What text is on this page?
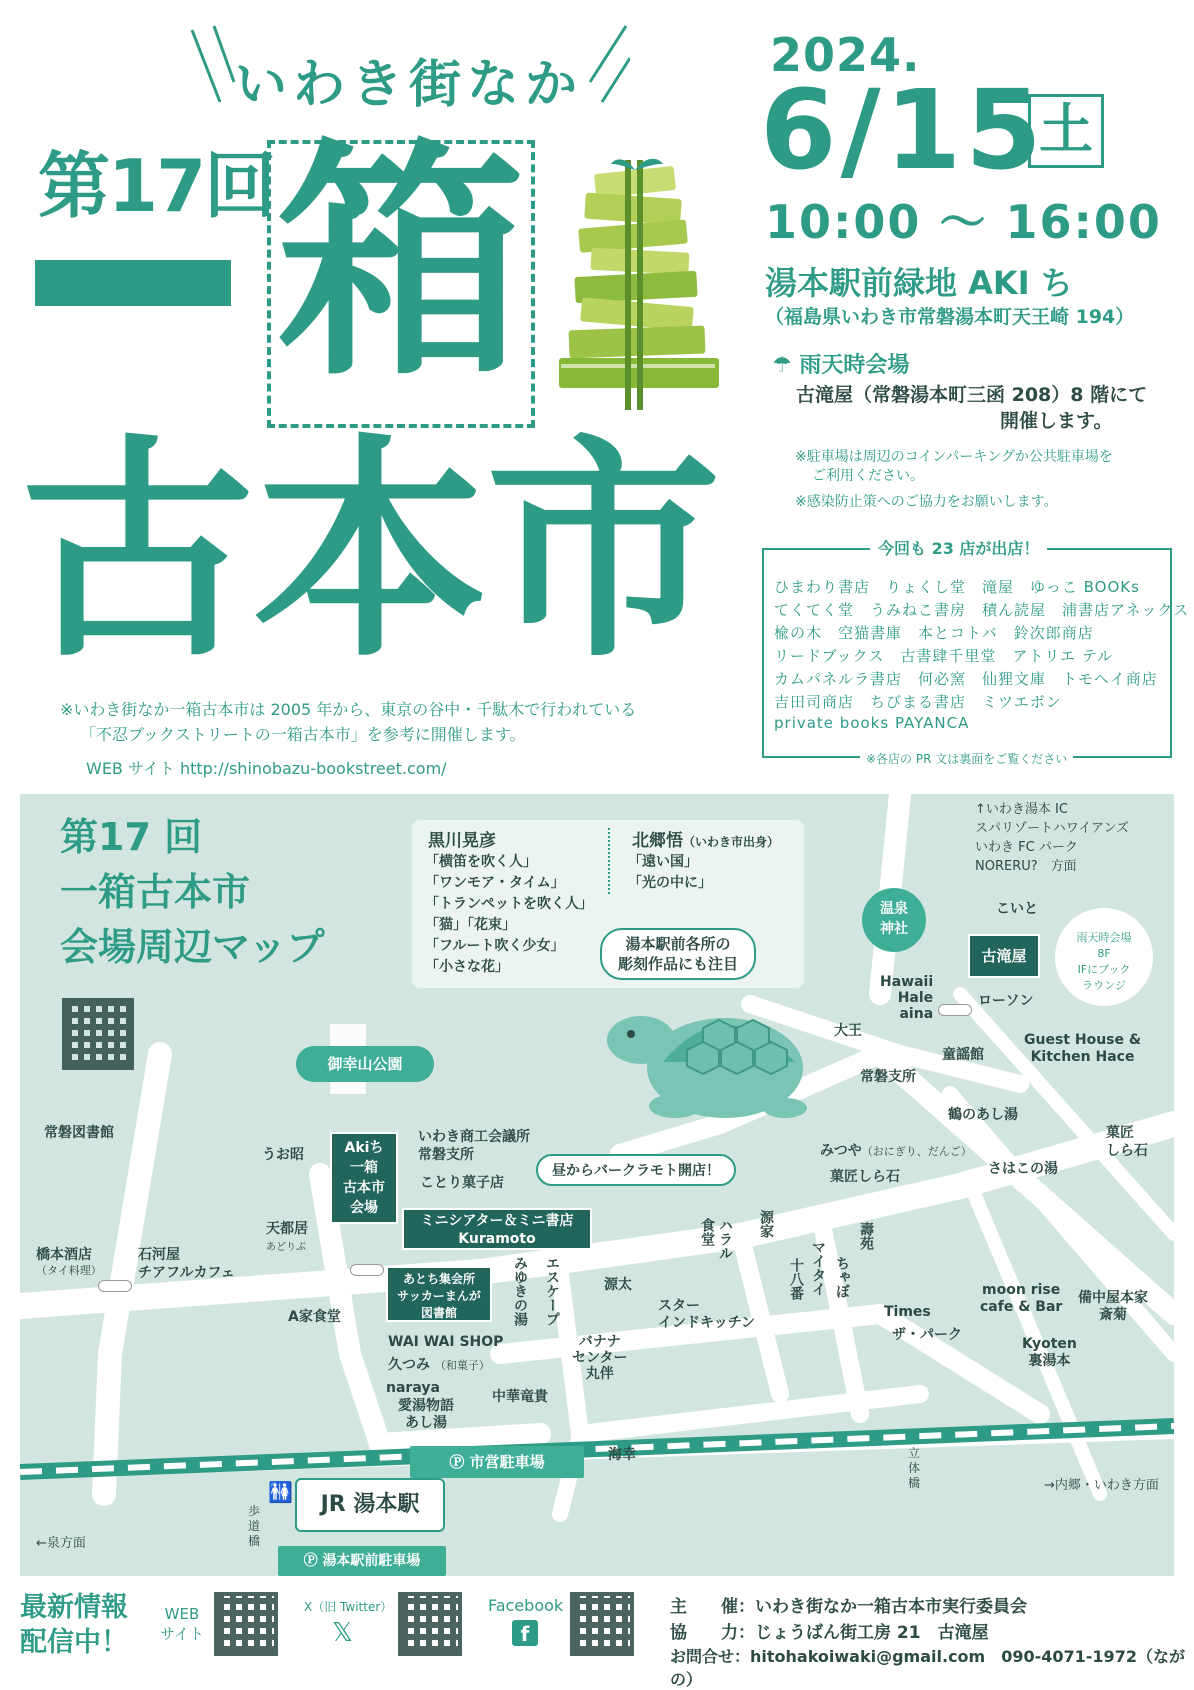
いわき街なか
第17回 箱
古本市
2024.
6/15
土
10:00 ～ 16:00
湯本駅前緑地 AKI ち
（福島県いわき市常磐湯本町天王崎 194）
☂ 雨天時会場
古滝屋（常磐湯本町三函 208）8 階にて
開催します。
※駐車場は周辺のコインパーキングか公共駐車場を
ご利用ください。
※感染防止策へのご協力をお願いします。
今回も 23 店が出店！
ひまわり書店　りょくし堂　滝屋　ゆっこ BOOKs
てくてく堂　うみねこ書房　積ん読屋　浦書店アネックス
楡の木　空猫書庫　本とコトバ　鈴次郎商店
リードブックス　古書肆千里堂　アトリエ テル
カムパネルラ書店　何必窯　仙狸文庫　トモヘイ商店
吉田司商店　ちびまる書店　ミツエボン
private books PAYANCA
※各店の PR 文は裏面をご覧ください
※いわき街なか一箱古本市は 2005 年から、東京の谷中・千駄木で行われている
「不忍ブックストリートの一箱古本市」を参考に開催します。
WEB サイト http://shinobazu-bookstreet.com/
第17 回
一箱古本市
会場周辺マップ
黒川晃彦
「横笛を吹く人」
「ワンモア・タイム」
「トランペットを吹く人」
「猫」「花束」
「フルート吹く少女」
「小さな花」
北郷悟（いわき市出身）
「遠い国」
「光の中に」
湯本駅前各所の
彫刻作品にも注目
↑いわき湯本 IC
スパリゾートハワイアンズ
いわき FC パーク
NORERU?　方面
御幸山公園
Akiち
一箱
古本市
会場
ミニシアター＆ミニ書店
Kuramoto
あとち集会所
サッカーまんが
図書館
昼からバークラモト開店！
JR 湯本駅
Ⓟ 市営駐車場
Ⓟ 湯本駅前駐車場
🚻
温泉
神社
古滝屋
雨天時会場
8F
IFにブック
ラウンジ
常磐図書館
うお昭
いわき商工会議所
常磐支所
ことり菓子店
天都居
あどりぶ
橋本酒店
（タイ料理）
石河屋
チアフルカフェ
A家食堂
WAI WAI SHOP
久つみ （和菓子）
naraya
愛湯物語
あし湯
みゆきの湯 エスケープ
バナナ
センター
丸伴
中華竜貴
海幸
源太
スター
インドキッチン
ハラル
食堂	源家
十八番 マイタイ ちゃぼ
壽苑
Times
ザ・パーク
みつや（おにぎり、だんご）
菓匠しら石
鶴のあし湯
さはこの湯
菓匠
しら石
常磐支所
童謡館
大王
Hawaii
Hale
aina
ローソン
こいと
Guest House &
Kitchen Hace
moon rise
cafe & Bar
備中屋本家
斎菊
Kyoten
裏湯本
←泉方面
→内郷・いわき方面
立
体
橋
歩
道
橋
最新情報
配信中！
WEB
サイト
X（旧 Twitter）
𝕏
Facebook
f
主　　催：いわき街なか一箱古本市実行委員会
協　　力：じょうばん街工房 21　古滝屋
お問合せ：hitohakoiwaki@gmail.com　090-4071-1972（ながの）
